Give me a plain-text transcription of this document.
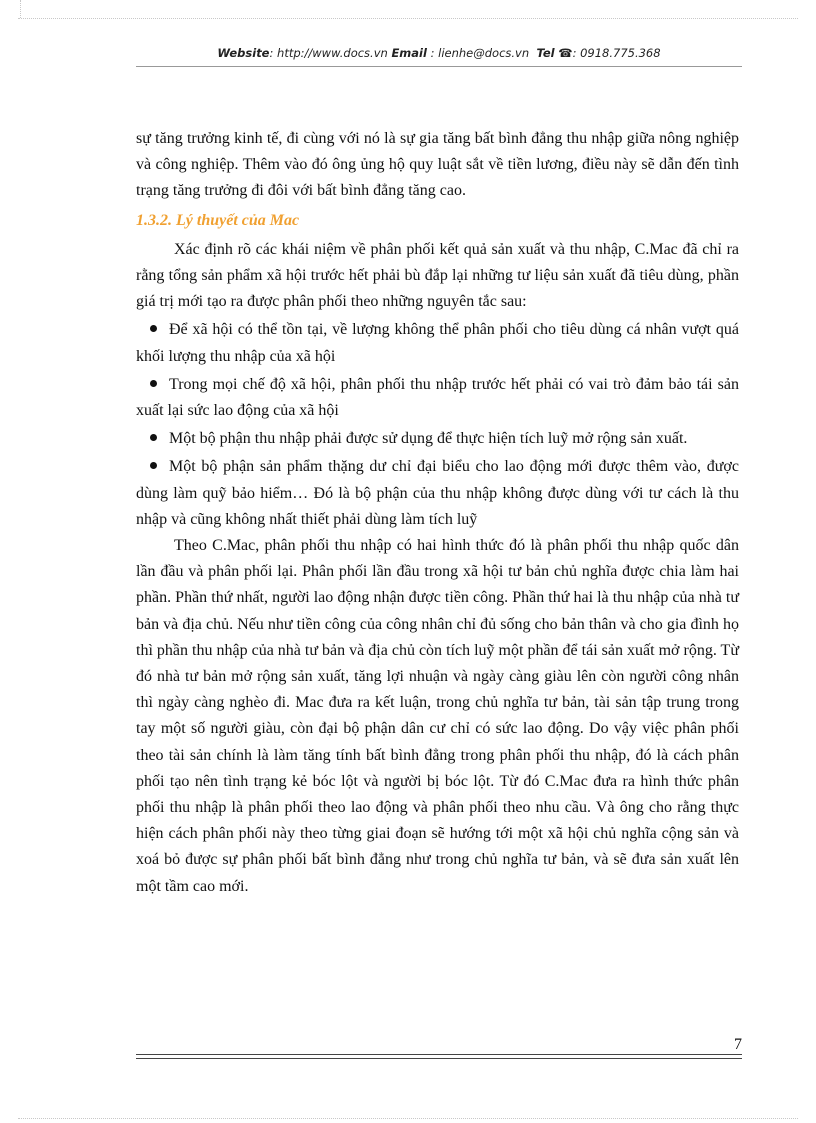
Website: http://www.docs.vn Email : lienhe@docs.vn Tel ☎: 0918.775.368

sự tăng trưởng kinh tế, đi cùng với nó là sự gia tăng bất bình đẳng thu nhập giữa nông nghiệp và công nghiệp. Thêm vào đó ông ủng hộ quy luật sắt về tiền lương, điều này sẽ dẫn đến tình trạng tăng trưởng đi đôi với bất bình đẳng tăng cao.

1.3.2. Lý thuyết của Mac

Xác định rõ các khái niệm về phân phối kết quả sản xuất và thu nhập, C.Mac đã chỉ ra rằng tổng sản phẩm xã hội trước hết phải bù đắp lại những tư liệu sản xuất đã tiêu dùng, phần giá trị mới tạo ra được phân phối theo những nguyên tắc sau:

Để xã hội có thể tồn tại, về lượng không thể phân phối cho tiêu dùng cá nhân vượt quá khối lượng thu nhập của xã hội

Trong mọi chế độ xã hội, phân phối thu nhập trước hết phải có vai trò đảm bảo tái sản xuất lại sức lao động của xã hội

Một bộ phận thu nhập phải được sử dụng để thực hiện tích luỹ mở rộng sản xuất.

Một bộ phận sản phẩm thặng dư chỉ đại biểu cho lao động mới được thêm vào, được dùng làm quỹ bảo hiểm… Đó là bộ phận của thu nhập không được dùng với tư cách là thu nhập và cũng không nhất thiết phải dùng làm tích luỹ

Theo C.Mac, phân phối thu nhập có hai hình thức đó là phân phối thu nhập quốc dân lần đầu và phân phối lại. Phân phối lần đầu trong xã hội tư bản chủ nghĩa được chia làm hai phần. Phần thứ nhất, người lao động nhận được tiền công. Phần thứ hai là thu nhập của nhà tư bản và địa chủ. Nếu như tiền công của công nhân chỉ đủ sống cho bản thân và cho gia đình họ thì phần thu nhập của nhà tư bản và địa chủ còn tích luỹ một phần để tái sản xuất mở rộng. Từ đó nhà tư bản mở rộng sản xuất, tăng lợi nhuận và ngày càng giàu lên còn người công nhân thì ngày càng nghèo đi. Mac đưa ra kết luận, trong chủ nghĩa tư bản, tài sản tập trung trong tay một số người giàu, còn đại bộ phận dân cư chỉ có sức lao động. Do vậy việc phân phối theo tài sản chính là làm tăng tính bất bình đẳng trong phân phối thu nhập, đó là cách phân phối tạo nên tình trạng kẻ bóc lột và người bị bóc lột. Từ đó C.Mac đưa ra hình thức phân phối thu nhập là phân phối theo lao động và phân phối theo nhu cầu. Và ông cho rằng thực hiện cách phân phối này theo từng giai đoạn sẽ hướng tới một xã hội chủ nghĩa cộng sản và xoá bỏ được sự phân phối bất bình đẳng như trong chủ nghĩa tư bản, và sẽ đưa sản xuất lên một tầm cao mới.

7
